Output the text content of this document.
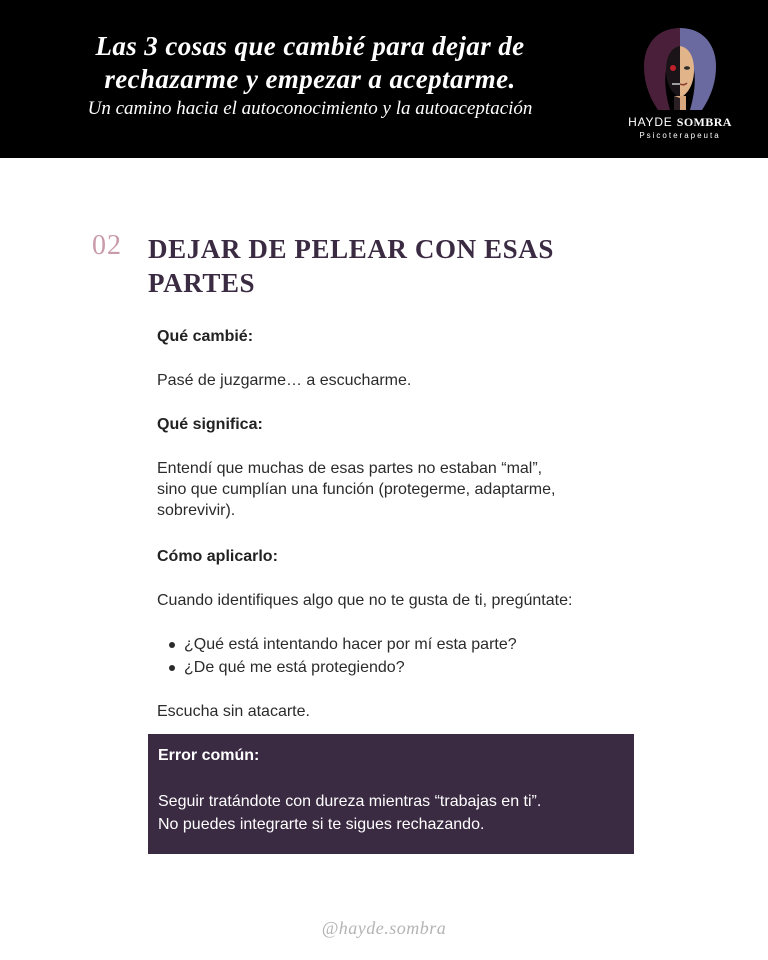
Las 3 cosas que cambié para dejar de
rechazarme y empezar a aceptarme.
Un camino hacia el autoconocimiento y la autoaceptación
HAYDE SOMBRA
Psicoterapeuta
02 DEJAR DE PELEAR CON ESAS
PARTES
Qué cambié:
Pasé de juzgarme… a escucharme.
Qué significa:
Entendí que muchas de esas partes no estaban “mal”,
sino que cumplían una función (protegerme, adaptarme,
sobrevivir).
Cómo aplicarlo:
Cuando identifiques algo que no te gusta de ti, pregúntate:
¿Qué está intentando hacer por mí esta parte?
¿De qué me está protegiendo?
Escucha sin atacarte.
Error común:
Seguir tratándote con dureza mientras “trabajas en ti”.
No puedes integrarte si te sigues rechazando.
@hayde.sombra
